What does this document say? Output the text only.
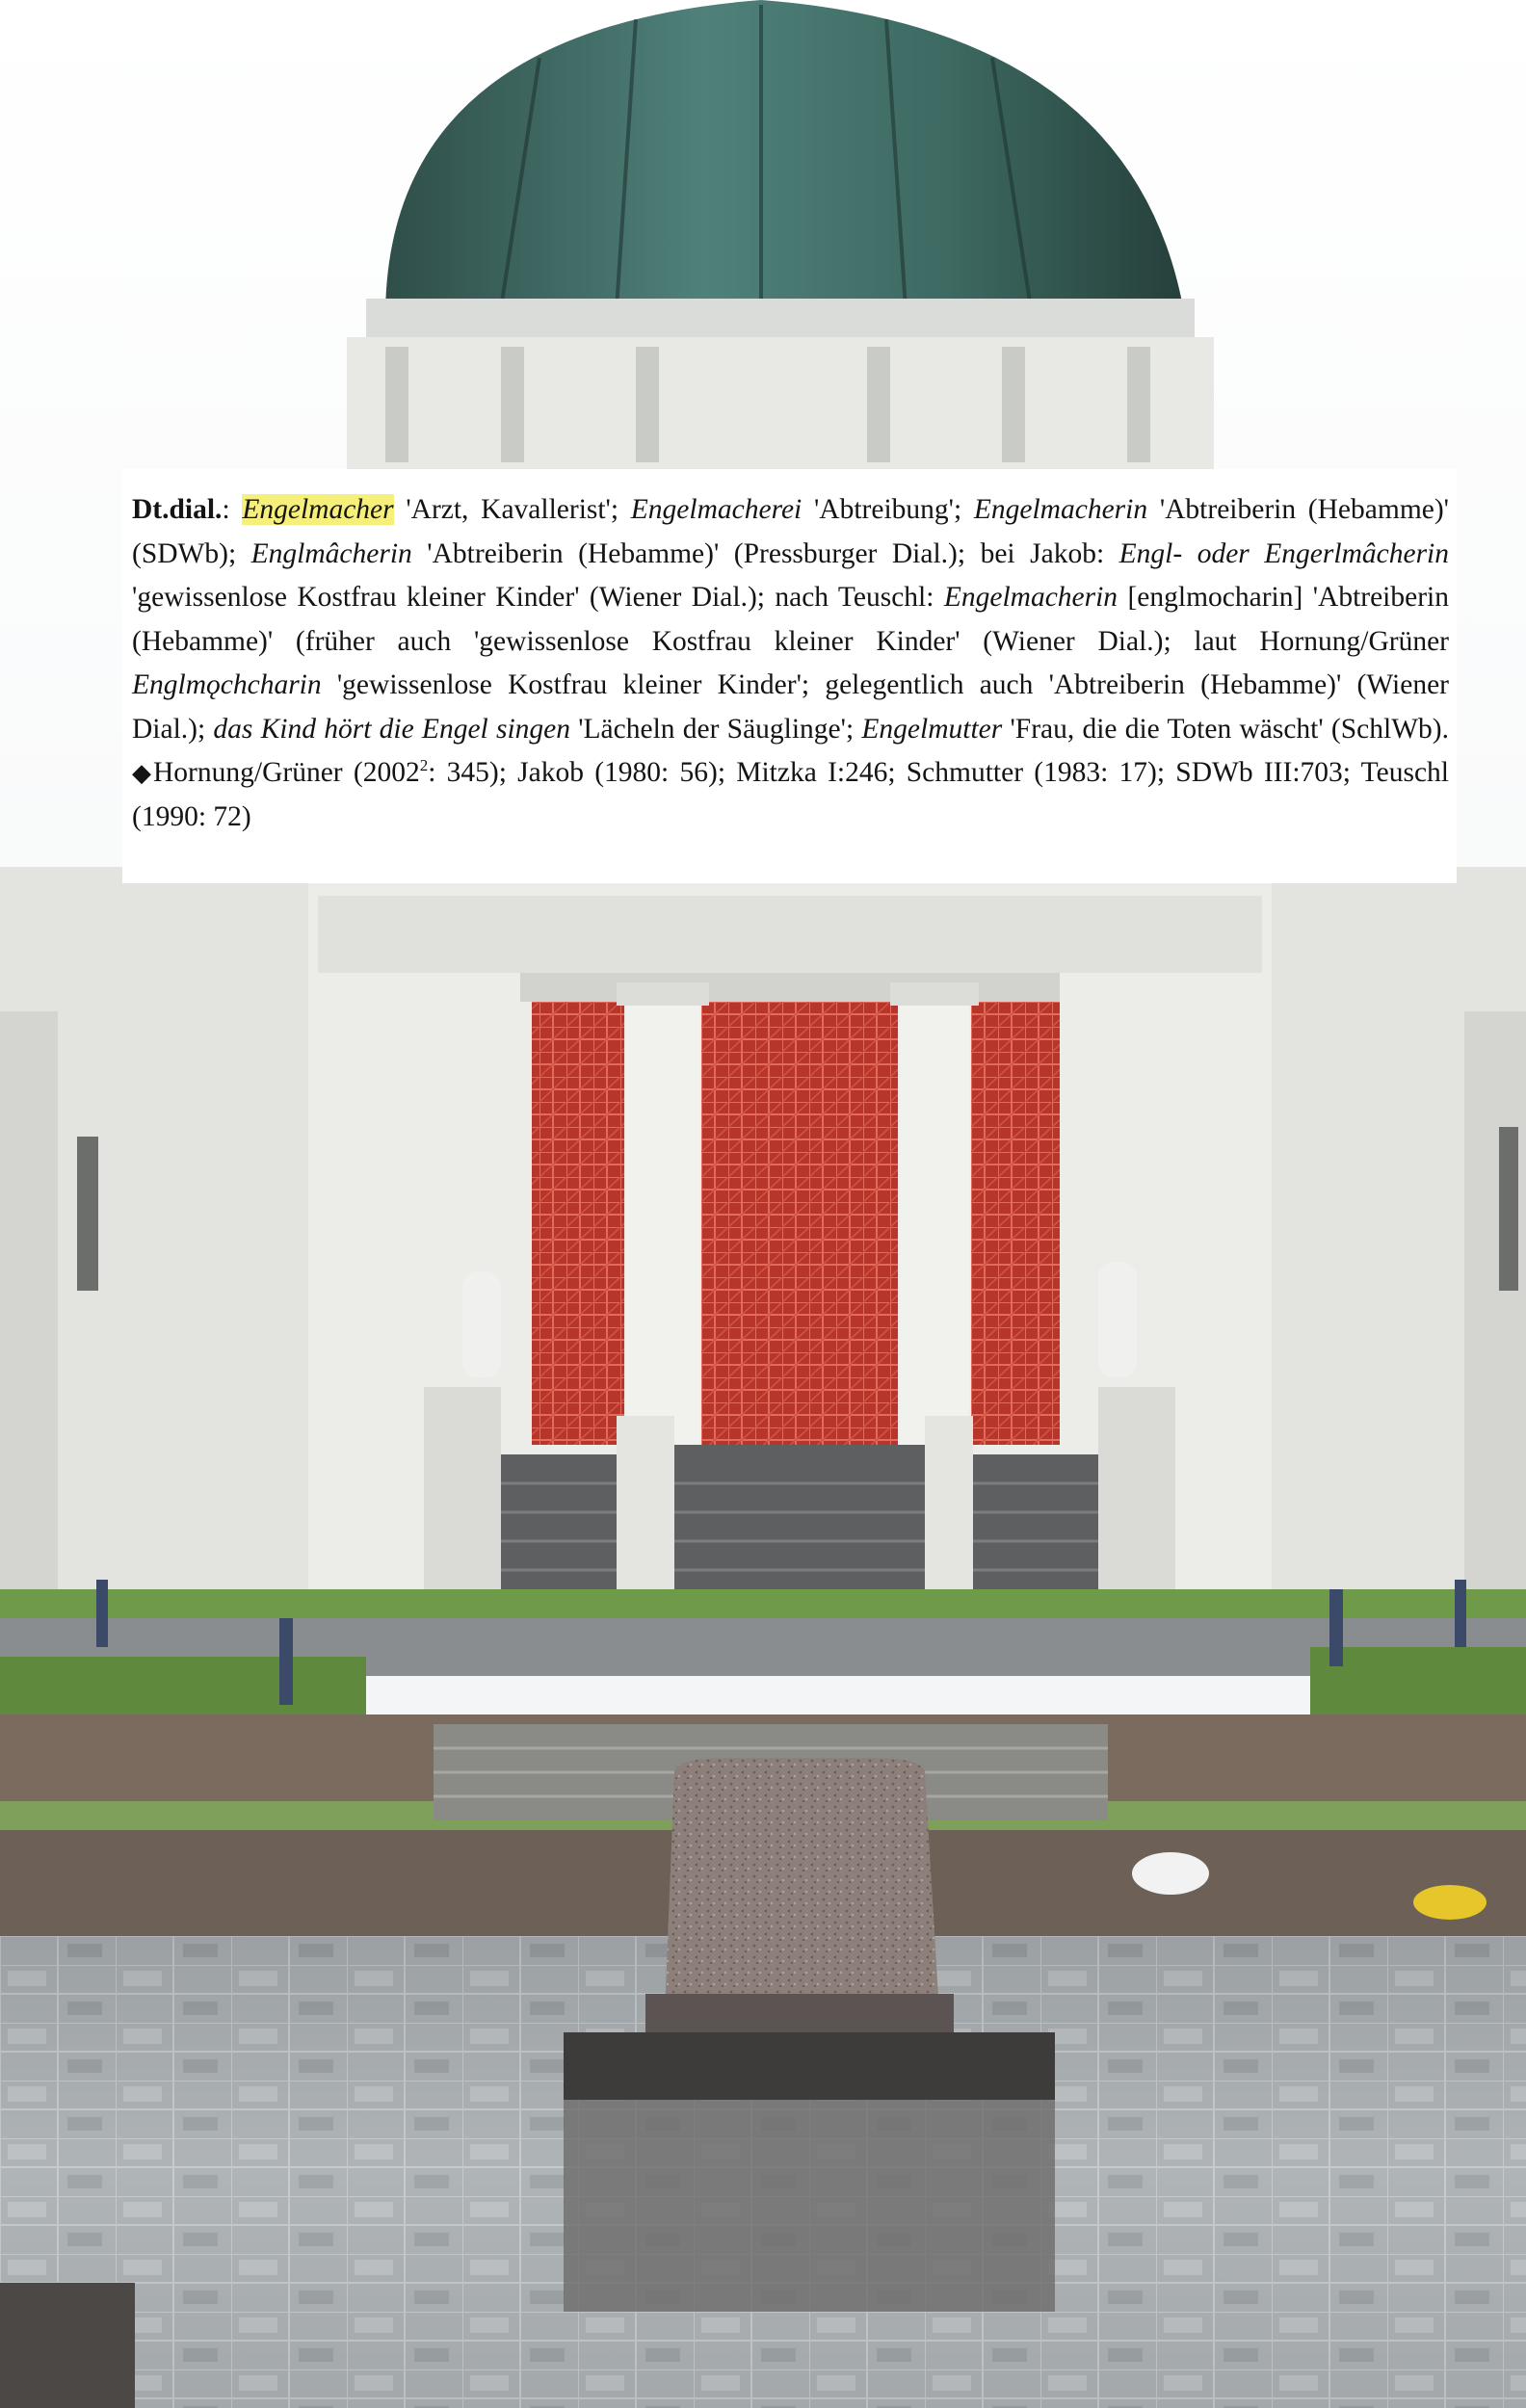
Dt.dial.: Engelmacher 'Arzt, Kavallerist'; Engelmacherei 'Abtreibung'; Engelmacherin 'Abtreiberin (Hebamme)' (SDWb); Englmâcherin 'Abtreiberin (Hebamme)' (Pressburger Dial.); bei Jakob: Engl- oder Engerlmâcherin 'gewissenlose Kostfrau kleiner Kinder' (Wiener Dial.); nach Teuschl: Engelmacherin [englmocharin] 'Abtreiberin (Hebamme)' (früher auch 'gewissenlose Kostfrau kleiner Kinder' (Wiener Dial.); laut Hornung/Grüner Englmǫchcharin 'gewissenlose Kostfrau kleiner Kinder'; gelegentlich auch 'Abtreiberin (Hebamme)' (Wiener Dial.); das Kind hört die Engel singen 'Lächeln der Säuglinge'; Engelmutter 'Frau, die die Toten wäscht' (SchlWb).◆Hornung/Grüner (2002$^2$: 345); Jakob (1980: 56); Mitzka I:246; Schmutter (1983: 17); SDWb III:703; Teuschl (1990: 72)
